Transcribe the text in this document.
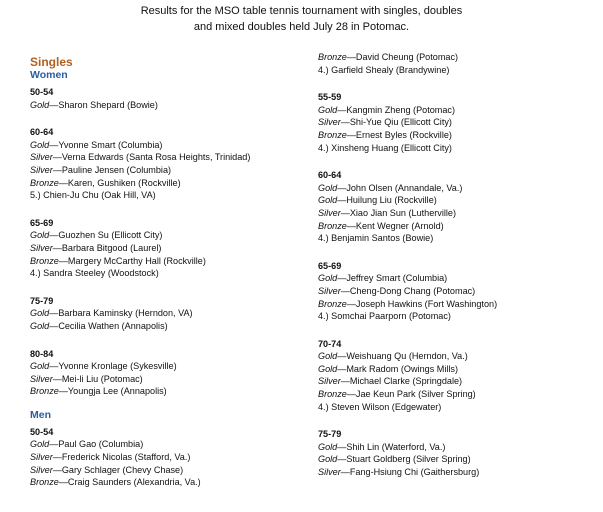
Results for the MSO table tennis tournament with singles, doubles
and mixed doubles held July 28 in Potomac.
Singles
Women
50-54
Gold — Sharon Shepard (Bowie)
60-64
Gold — Yvonne Smart (Columbia)
Silver — Verna Edwards (Santa Rosa Heights, Trinidad)
Silver — Pauline Jensen (Columbia)
Bronze — Karen, Gushiken (Rockville)
5.) Chien-Ju Chu (Oak Hill, VA)
65-69
Gold — Guozhen Su (Ellicott City)
Silver — Barbara Bitgood (Laurel)
Bronze — Margery McCarthy Hall (Rockville)
4.) Sandra Steeley (Woodstock)
75-79
Gold — Barbara Kaminsky (Herndon, VA)
Gold — Cecilia Wathen (Annapolis)
80-84
Gold — Yvonne Kronlage (Sykesville)
Silver — Mei-li Liu (Potomac)
Bronze — Youngja Lee (Annapolis)
Men
50-54
Gold — Paul Gao (Columbia)
Silver — Frederick Nicolas (Stafford, Va.)
Silver — Gary Schlager (Chevy Chase)
Bronze — Craig Saunders (Alexandria, Va.)
Bronze — David Cheung (Potomac)
4.) Garfield Shealy (Brandywine)
55-59
Gold — Kangmin Zheng (Potomac)
Silver — Shi-Yue Qiu (Ellicott City)
Bronze — Ernest Byles (Rockville)
4.) Xinsheng Huang (Ellicott City)
60-64
Gold — John Olsen (Annandale, Va.)
Gold — Huilung Liu (Rockville)
Silver — Xiao Jian Sun (Lutherville)
Bronze — Kent Wegner (Arnold)
4.) Benjamin Santos (Bowie)
65-69
Gold — Jeffrey Smart (Columbia)
Silver — Cheng-Dong Chang (Potomac)
Bronze — Joseph Hawkins (Fort Washington)
4.) Somchai Paarporn (Potomac)
70-74
Gold — Weishuang Qu (Herndon, Va.)
Gold — Mark Radom (Owings Mills)
Silver — Michael Clarke (Springdale)
Bronze — Jae Keun Park (Silver Spring)
4.) Steven Wilson (Edgewater)
75-79
Gold — Shih Lin (Waterford, Va.)
Gold — Stuart Goldberg (Silver Spring)
Silver — Fang-Hsiung Chi (Gaithersburg)
